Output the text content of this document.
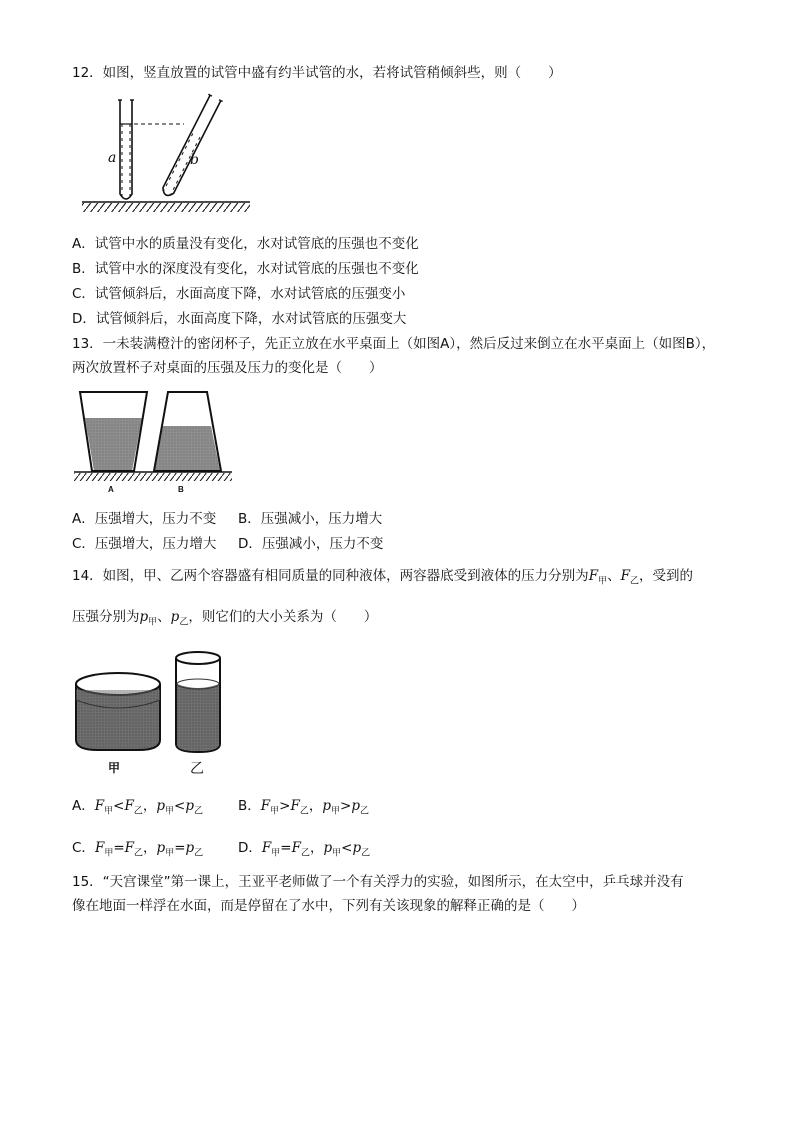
12．如图，竖直放置的试管中盛有约半试管的水，若将试管稍倾斜些，则（　　）
a	b
A．试管中水的质量没有变化，水对试管底的压强也不变化
B．试管中水的深度没有变化，水对试管底的压强也不变化
C．试管倾斜后，水面高度下降，水对试管底的压强变小
D．试管倾斜后，水面高度下降，水对试管底的压强变大
13．一未装满橙汁的密闭杯子，先正立放在水平桌面上（如图A），然后反过来倒立在水平桌面上（如图B），
两次放置杯子对桌面的压强及压力的变化是（　　）
A	B
A．压强增大，压力不变 B．压强减小，压力增大
C．压强增大，压力增大 D．压强减小，压力不变
14．如图，甲、乙两个容器盛有相同质量的同种液体，两容器底受到液体的压力分别为$F_甲$、$F_乙$，受到的
压强分别为$p_甲$、$p_乙$，则它们的大小关系为（　　）
甲	乙
A．$F_甲<F_乙$，$p_甲<p_乙$	B．$F_甲>F_乙$，$p_甲>p_乙$
C．$F_甲=F_乙$，$p_甲=p_乙$	D．$F_甲=F_乙$，$p_甲<p_乙$
15．“天宫课堂”第一课上，王亚平老师做了一个有关浮力的实验，如图所示，在太空中，乒乓球并没有
像在地面一样浮在水面，而是停留在了水中，下列有关该现象的解释正确的是（　　）
